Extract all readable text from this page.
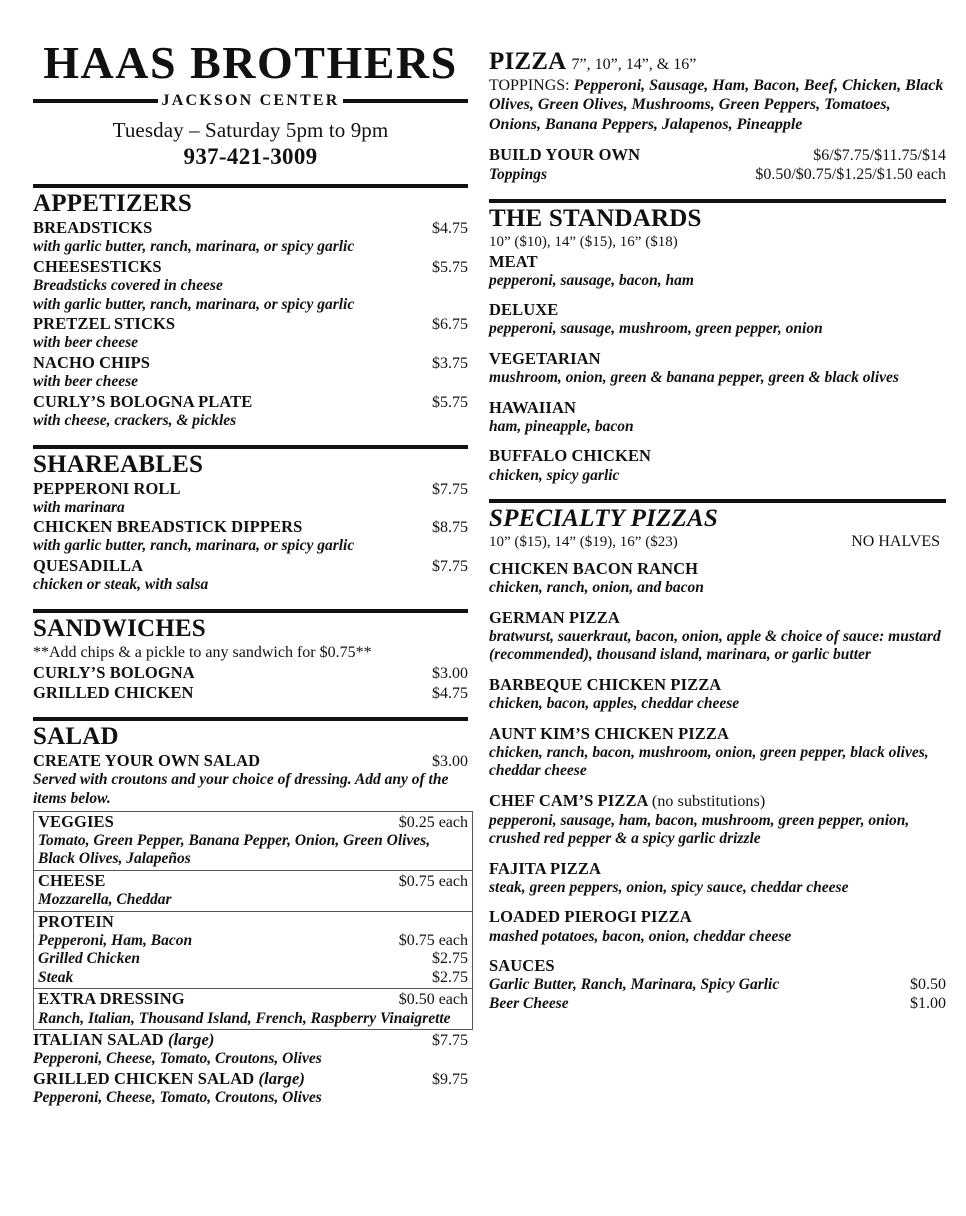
HAAS BROTHERS
JACKSON CENTER
Tuesday – Saturday 5pm to 9pm
937-421-3009
APPETIZERS
BREADSTICKS	$4.75
with garlic butter, ranch, marinara, or spicy garlic
CHEESESTICKS	$5.75
Breadsticks covered in cheese
with garlic butter, ranch, marinara, or spicy garlic
PRETZEL STICKS	$6.75
with beer cheese
NACHO CHIPS	$3.75
with beer cheese
CURLY’S BOLOGNA PLATE	$5.75
with cheese, crackers, & pickles
SHAREABLES
PEPPERONI ROLL	$7.75
with marinara
CHICKEN BREADSTICK DIPPERS	$8.75
with garlic butter, ranch, marinara, or spicy garlic
QUESADILLA	$7.75
chicken or steak, with salsa
SANDWICHES
**Add chips & a pickle to any sandwich for $0.75**
CURLY’S BOLOGNA	$3.00
GRILLED CHICKEN	$4.75
SALAD
CREATE YOUR OWN SALAD	$3.00
Served with croutons and your choice of dressing. Add any of the items below.
VEGGIES	$0.25 each
Tomato, Green Pepper, Banana Pepper, Onion, Green Olives, Black Olives, Jalapeños
CHEESE	$0.75 each
Mozzarella, Cheddar
PROTEIN
Pepperoni, Ham, Bacon	$0.75 each
Grilled Chicken	$2.75
Steak	$2.75
EXTRA DRESSING	$0.50 each
Ranch, Italian, Thousand Island, French, Raspberry Vinaigrette
ITALIAN SALAD (large)	$7.75
Pepperoni, Cheese, Tomato, Croutons, Olives
GRILLED CHICKEN SALAD (large)	$9.75
Pepperoni, Cheese, Tomato, Croutons, Olives
PIZZA 7”, 10”, 14”, & 16”
TOPPINGS: Pepperoni, Sausage, Ham, Bacon, Beef, Chicken, Black Olives, Green Olives, Mushrooms, Green Peppers, Tomatoes, Onions, Banana Peppers, Jalapenos, Pineapple
BUILD YOUR OWN	$6/$7.75/$11.75/$14
Toppings	$0.50/$0.75/$1.25/$1.50 each
THE STANDARDS
10” ($10), 14” ($15), 16” ($18)
MEAT
pepperoni, sausage, bacon, ham
DELUXE
pepperoni, sausage, mushroom, green pepper, onion
VEGETARIAN
mushroom, onion, green & banana pepper, green & black olives
HAWAIIAN
ham, pineapple, bacon
BUFFALO CHICKEN
chicken, spicy garlic
SPECIALTY PIZZAS
10” ($15), 14” ($19), 16” ($23)	NO HALVES
CHICKEN BACON RANCH
chicken, ranch, onion, and bacon
GERMAN PIZZA
bratwurst, sauerkraut, bacon, onion, apple & choice of sauce: mustard (recommended), thousand island, marinara, or garlic butter
BARBEQUE CHICKEN PIZZA
chicken, bacon, apples, cheddar cheese
AUNT KIM’S CHICKEN PIZZA
chicken, ranch, bacon, mushroom, onion, green pepper, black olives, cheddar cheese
CHEF CAM’S PIZZA (no substitutions)
pepperoni, sausage, ham, bacon, mushroom, green pepper, onion, crushed red pepper & a spicy garlic drizzle
FAJITA PIZZA
steak, green peppers, onion, spicy sauce, cheddar cheese
LOADED PIEROGI PIZZA
mashed potatoes, bacon, onion, cheddar cheese
SAUCES
Garlic Butter, Ranch, Marinara, Spicy Garlic	$0.50
Beer Cheese	$1.00
